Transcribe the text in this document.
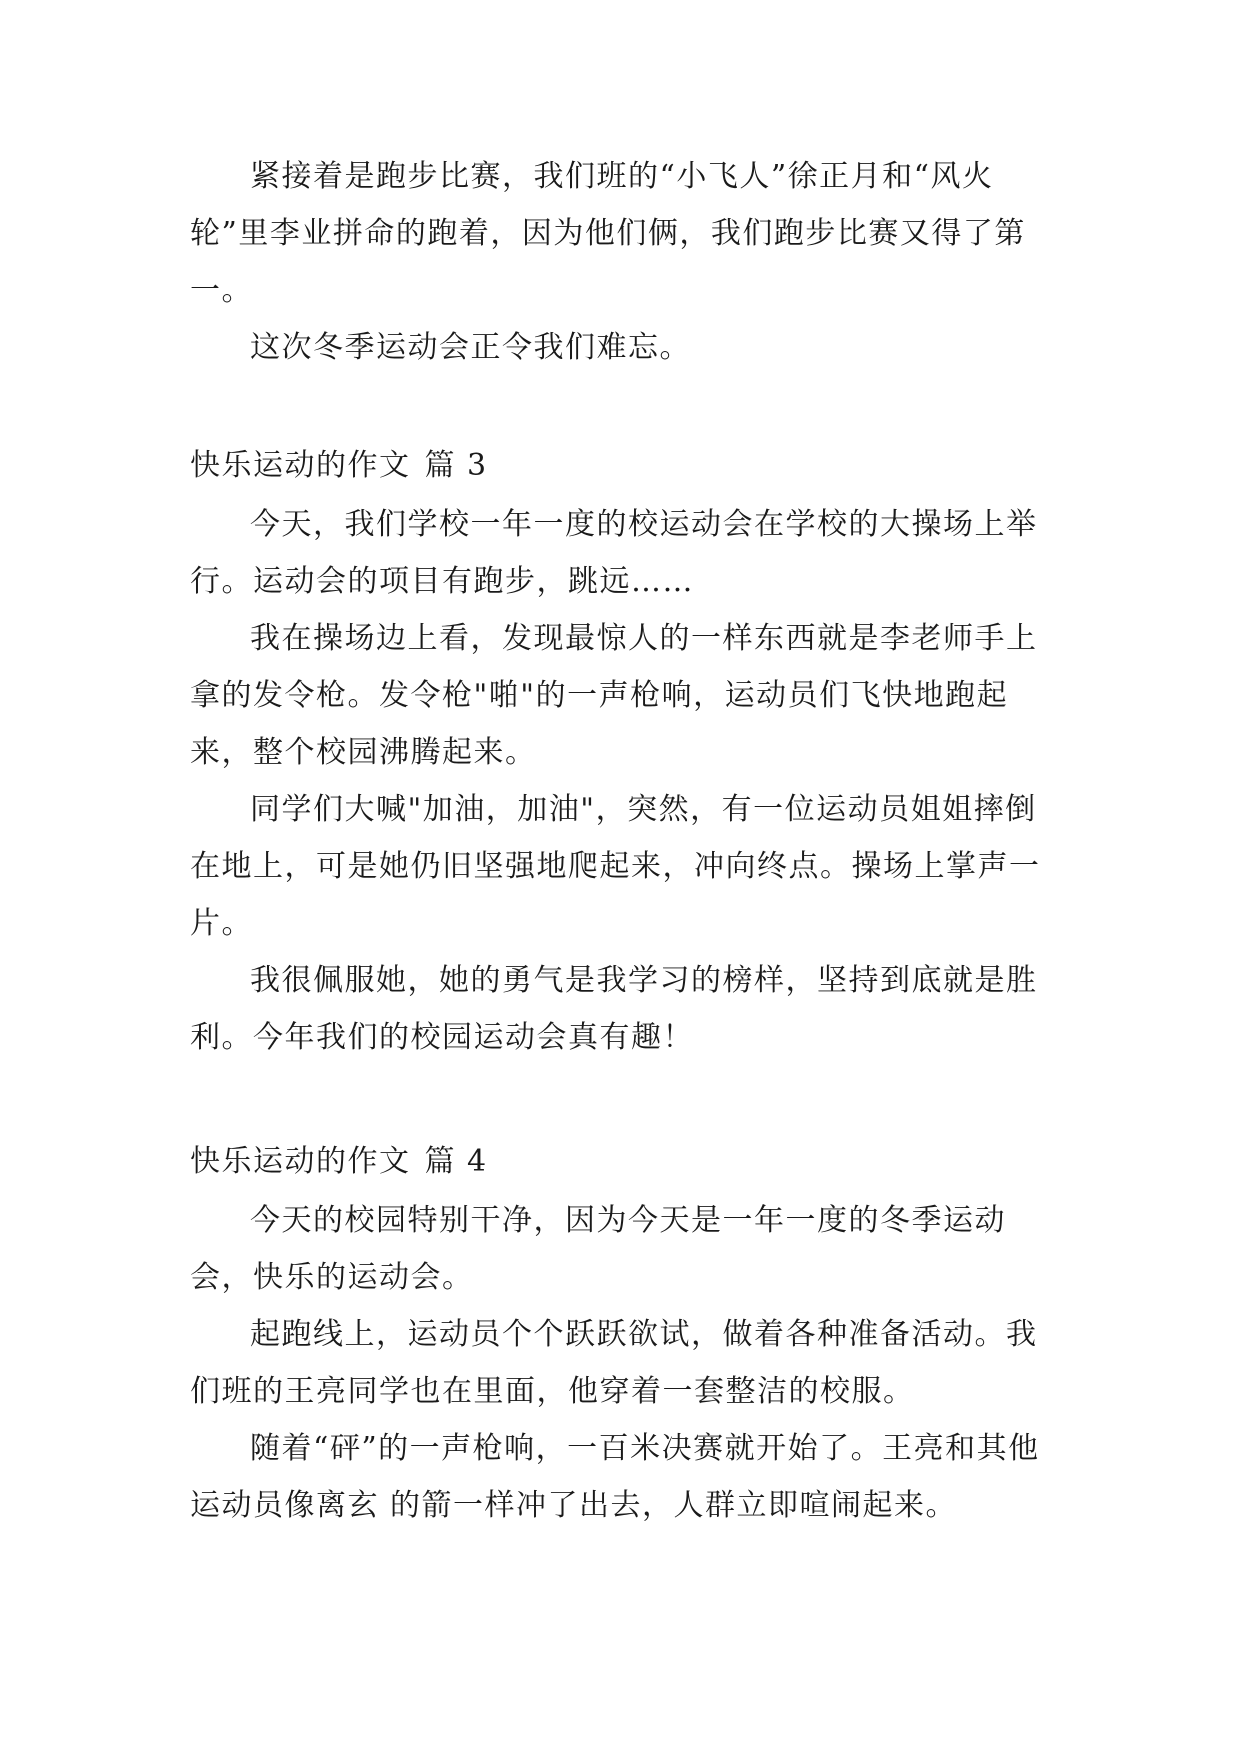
紧接着是跑步比赛，我们班的“小飞人”徐正月和“风火轮”里李业拼命的跑着，因为他们俩，我们跑步比赛又得了第一。

这次冬季运动会正令我们难忘。

快乐运动的作文 篇 3

今天，我们学校一年一度的校运动会在学校的大操场上举行。运动会的项目有跑步，跳远……

我在操场边上看，发现最惊人的一样东西就是李老师手上拿的发令枪。发令枪"啪"的一声枪响，运动员们飞快地跑起来，整个校园沸腾起来。

同学们大喊"加油，加油"，突然，有一位运动员姐姐摔倒在地上，可是她仍旧坚强地爬起来，冲向终点。操场上掌声一片。

我很佩服她，她的勇气是我学习的榜样，坚持到底就是胜利。今年我们的校园运动会真有趣！

快乐运动的作文 篇 4

今天的校园特别干净，因为今天是一年一度的冬季运动会，快乐的运动会。

起跑线上，运动员个个跃跃欲试，做着各种准备活动。我们班的王亮同学也在里面，他穿着一套整洁的校服。

随着“砰”的一声枪响，一百米决赛就开始了。王亮和其他运动员像离玄 的箭一样冲了出去，人群立即喧闹起来。
